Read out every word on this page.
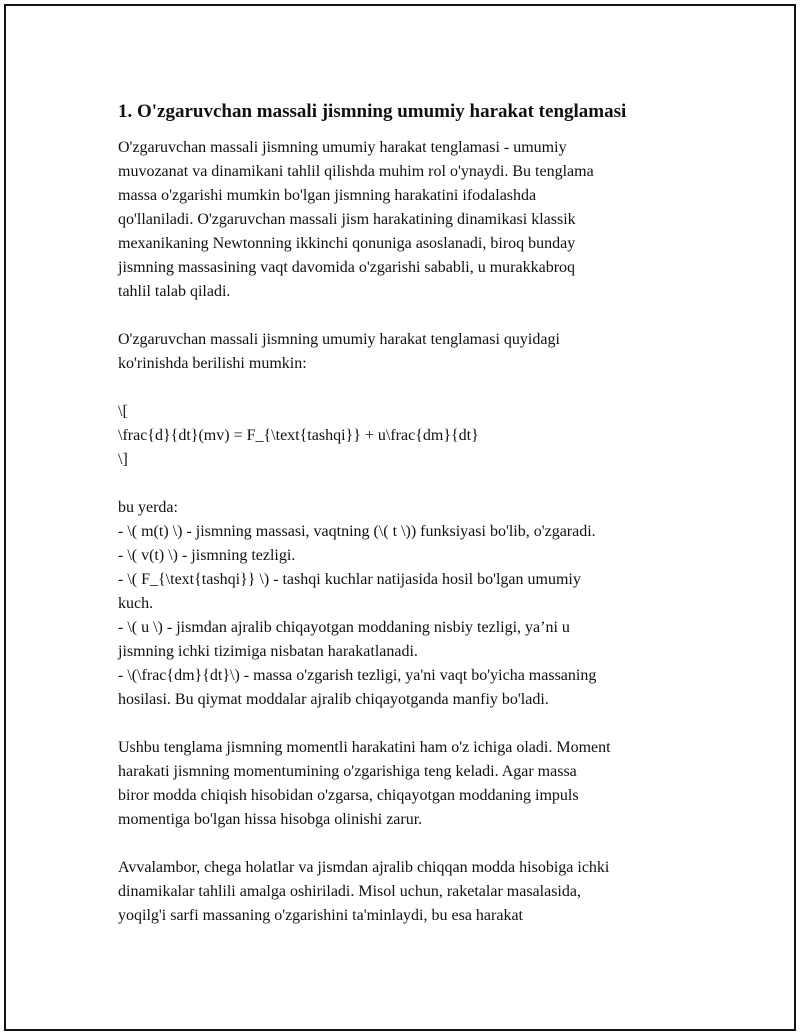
1. O'zgaruvchan massali jismning umumiy harakat tenglamasi
O'zgaruvchan massali jismning umumiy harakat tenglamasi - umumiy
muvozanat va dinamikani tahlil qilishda muhim rol o'ynaydi. Bu tenglama
massa o'zgarishi mumkin bo'lgan jismning harakatini ifodalashda
qo'llaniladi. O'zgaruvchan massali jism harakatining dinamikasi klassik
mexanikaning Newtonning ikkinchi qonuniga asoslanadi, biroq bunday
jismning massasining vaqt davomida o'zgarishi sababli, u murakkabroq
tahlil talab qiladi.
O'zgaruvchan massali jismning umumiy harakat tenglamasi quyidagi
ko'rinishda berilishi mumkin:
\[
\frac{d}{dt}(mv) = F_{\text{tashqi}} + u\frac{dm}{dt}
\]
bu yerda:
- \( m(t) \) - jismning massasi, vaqtning (\( t \)) funksiyasi bo'lib, o'zgaradi.
- \( v(t) \) - jismning tezligi.
- \( F_{\text{tashqi}} \) - tashqi kuchlar natijasida hosil bo'lgan umumiy
kuch.
- \( u \) - jismdan ajralib chiqayotgan moddaning nisbiy tezligi, ya’ni u
jismning ichki tizimiga nisbatan harakatlanadi.
- \(\frac{dm}{dt}\) - massa o'zgarish tezligi, ya'ni vaqt bo'yicha massaning
hosilasi. Bu qiymat moddalar ajralib chiqayotganda manfiy bo'ladi.
Ushbu tenglama jismning momentli harakatini ham o'z ichiga oladi. Moment
harakati jismning momentumining o'zgarishiga teng keladi. Agar massa
biror modda chiqish hisobidan o'zgarsa, chiqayotgan moddaning impuls
momentiga bo'lgan hissa hisobga olinishi zarur.
Avvalambor, chega holatlar va jismdan ajralib chiqqan modda hisobiga ichki
dinamikalar tahlili amalga oshiriladi. Misol uchun, raketalar masalasida,
yoqilg'i sarfi massaning o'zgarishini ta'minlaydi, bu esa harakat
